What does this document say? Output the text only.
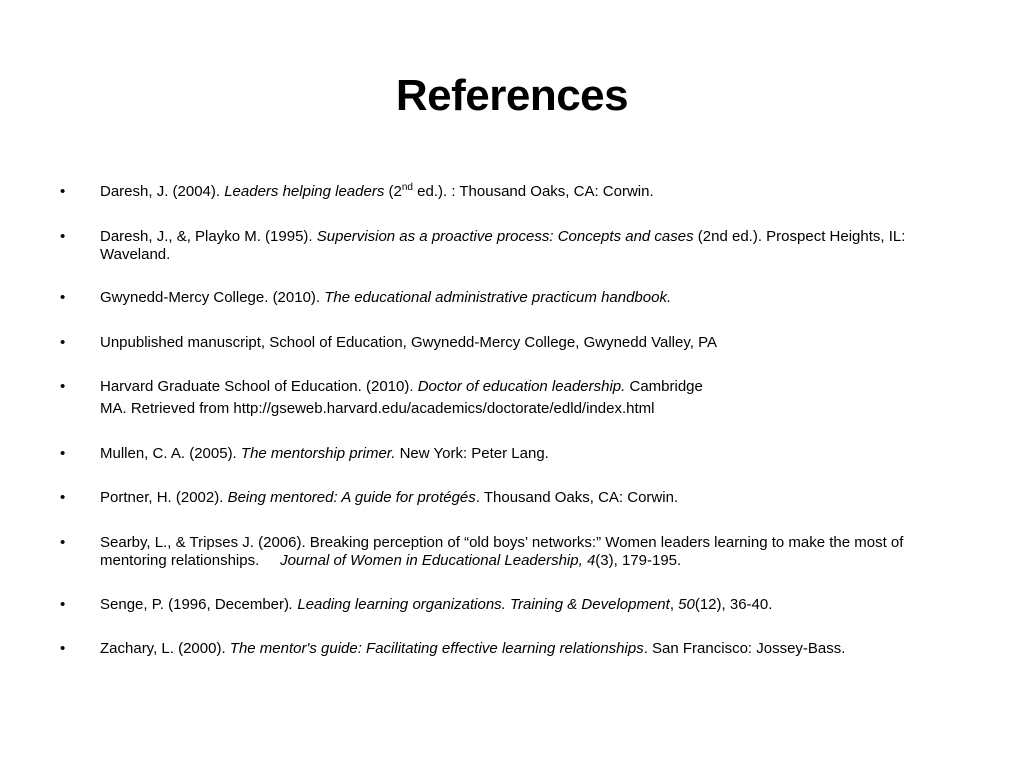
References
•	Daresh, J. (2004). Leaders helping leaders (2nd ed.). : Thousand Oaks, CA: Corwin.
•	Daresh, J., &, Playko M. (1995). Supervision as a proactive process: Concepts and cases (2nd ed.). Prospect Heights, IL: Waveland.
•	Gwynedd-Mercy College. (2010). The educational administrative practicum handbook.
•	Unpublished manuscript, School of Education, Gwynedd-Mercy College, Gwynedd Valley, PA
•	Harvard Graduate School of Education. (2010). Doctor of education leadership. Cambridge
MA. Retrieved from http://gseweb.harvard.edu/academics/doctorate/edld/index.html
•	Mullen, C. A. (2005). The mentorship primer. New York: Peter Lang.
•	Portner, H. (2002). Being mentored: A guide for protégés. Thousand Oaks, CA: Corwin.
•	Searby, L., & Tripses J. (2006). Breaking perception of “old boys’ networks:” Women leaders learning to make the most of mentoring relationships.     Journal of Women in Educational Leadership, 4(3), 179-195.
•	Senge, P. (1996, December). Leading learning organizations. Training & Development, 50(12), 36-40.
•	Zachary, L. (2000). The mentor's guide: Facilitating effective learning relationships. San Francisco: Jossey-Bass.
